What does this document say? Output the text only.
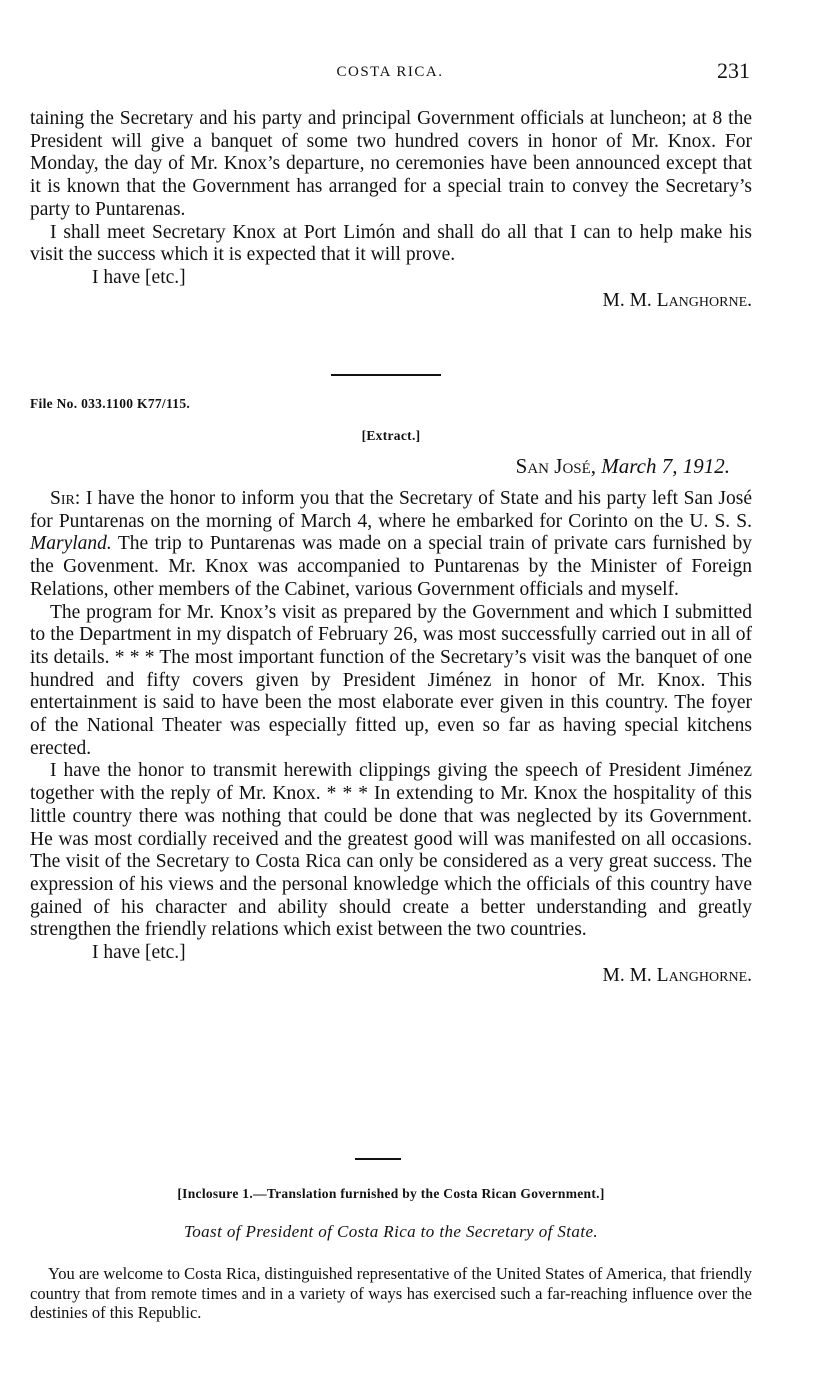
COSTA RICA.	231

taining the Secretary and his party and principal Government officials at luncheon; at 8 the President will give a banquet of some two hundred covers in honor of Mr. Knox. For Monday, the day of Mr. Knox’s departure, no ceremonies have been announced except that it is known that the Government has arranged for a special train to convey the Secretary’s party to Puntarenas.

I shall meet Secretary Knox at Port Limón and shall do all that I can to help make his visit the success which it is expected that it will prove.

I have [etc.]

M. M. Langhorne.

File No. 033.1100 K77/115.
[Extract.]
San José, March 7, 1912.

Sir: I have the honor to inform you that the Secretary of State and his party left San José for Puntarenas on the morning of March 4, where he embarked for Corinto on the U. S. S. Maryland. The trip to Puntarenas was made on a special train of private cars furnished by the Govenment. Mr. Knox was accompanied to Puntarenas by the Minister of Foreign Relations, other members of the Cabinet, various Government officials and myself.

The program for Mr. Knox’s visit as prepared by the Government and which I submitted to the Department in my dispatch of February 26, was most successfully carried out in all of its details. * * * The most important function of the Secretary’s visit was the banquet of one hundred and fifty covers given by President Jiménez in honor of Mr. Knox. This entertainment is said to have been the most elaborate ever given in this country. The foyer of the National Theater was especially fitted up, even so far as having special kitchens erected.

I have the honor to transmit herewith clippings giving the speech of President Jiménez together with the reply of Mr. Knox. * * * In extending to Mr. Knox the hospitality of this little country there was nothing that could be done that was neglected by its Government. He was most cordially received and the greatest good will was manifested on all occasions. The visit of the Secretary to Costa Rica can only be considered as a very great success. The expression of his views and the personal knowledge which the officials of this country have gained of his character and ability should create a better understanding and greatly strengthen the friendly relations which exist between the two countries.

I have [etc.]

M. M. Langhorne.

[Inclosure 1.—Translation furnished by the Costa Rican Government.]
Toast of President of Costa Rica to the Secretary of State.

You are welcome to Costa Rica, distinguished representative of the United States of America, that friendly country that from remote times and in a variety of ways has exercised such a far-reaching influence over the destinies of this Republic.
